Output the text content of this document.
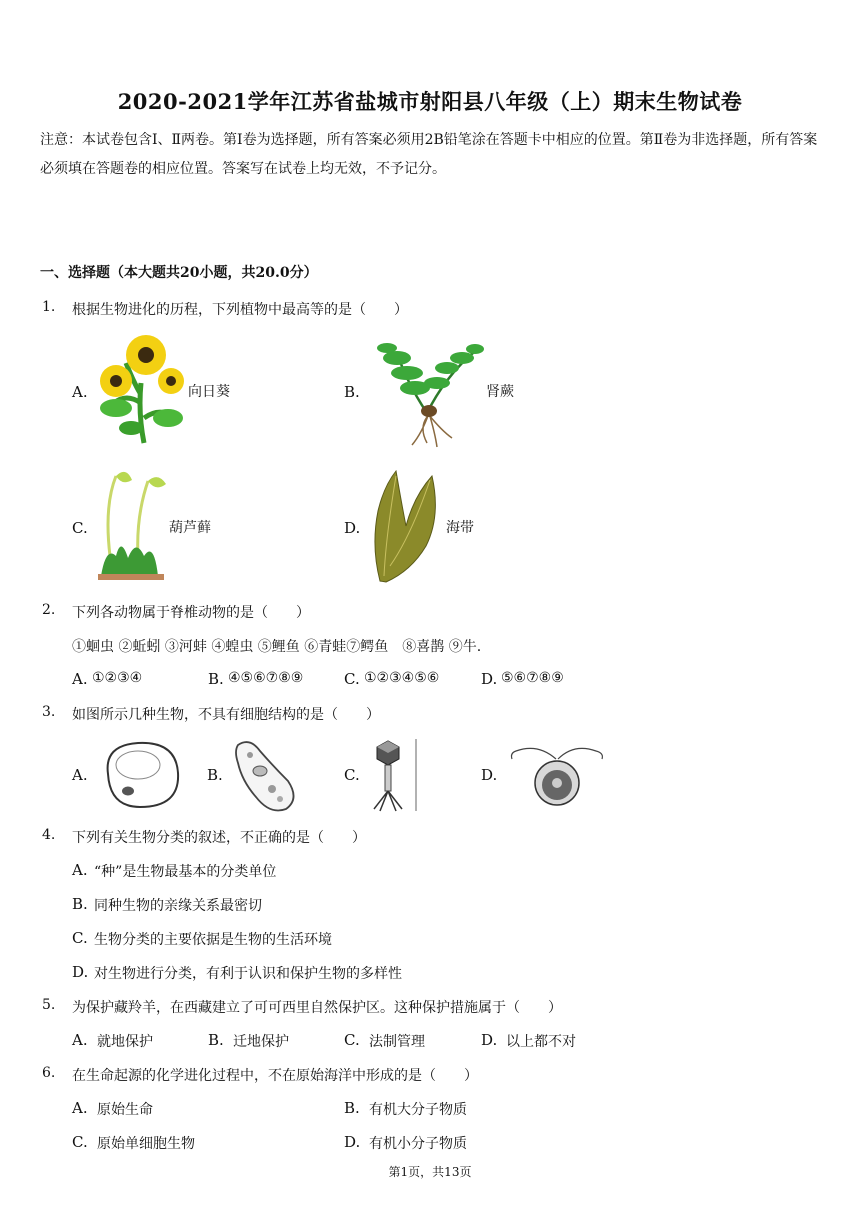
2020-2021学年江苏省盐城市射阳县八年级（上）期末生物试卷
注意：本试卷包含Ⅰ、Ⅱ两卷。第Ⅰ卷为选择题，所有答案必须用2B铅笔涂在答题卡中相应的位置。第Ⅱ卷为非选择题，所有答案必须填在答题卷的相应位置。答案写在试卷上均无效，不予记分。
一、选择题（本大题共20小题，共20.0分）
1. 根据生物进化的历程，下列植物中最高等的是（　　）
A.	向日葵	B.	肾蕨
C.	葫芦藓	D.	海带
2. 下列各动物属于脊椎动物的是（　　）
①蛔虫 ②蚯蚓 ③河蚌 ④蝗虫 ⑤鲤鱼 ⑥青蛙⑦鳄鱼　⑧喜鹊 ⑨牛.
A. ①②③④	B. ④⑤⑥⑦⑧⑨	C. ①②③④⑤⑥	D. ⑤⑥⑦⑧⑨
3. 如图所示几种生物，不具有细胞结构的是（　　）
A.	B.	C.	D.
4. 下列有关生物分类的叙述，不正确的是（　　）
A. “种”是生物最基本的分类单位
B. 同种生物的亲缘关系最密切
C. 生物分类的主要依据是生物的生活环境
D. 对生物进行分类，有利于认识和保护生物的多样性
5. 为保护藏羚羊，在西藏建立了可可西里自然保护区。这种保护措施属于（　　）
A. 就地保护	B. 迁地保护	C. 法制管理	D. 以上都不对
6. 在生命起源的化学进化过程中，不在原始海洋中形成的是（　　）
A. 原始生命	B. 有机大分子物质
C. 原始单细胞生物	D. 有机小分子物质
第1页，共13页
